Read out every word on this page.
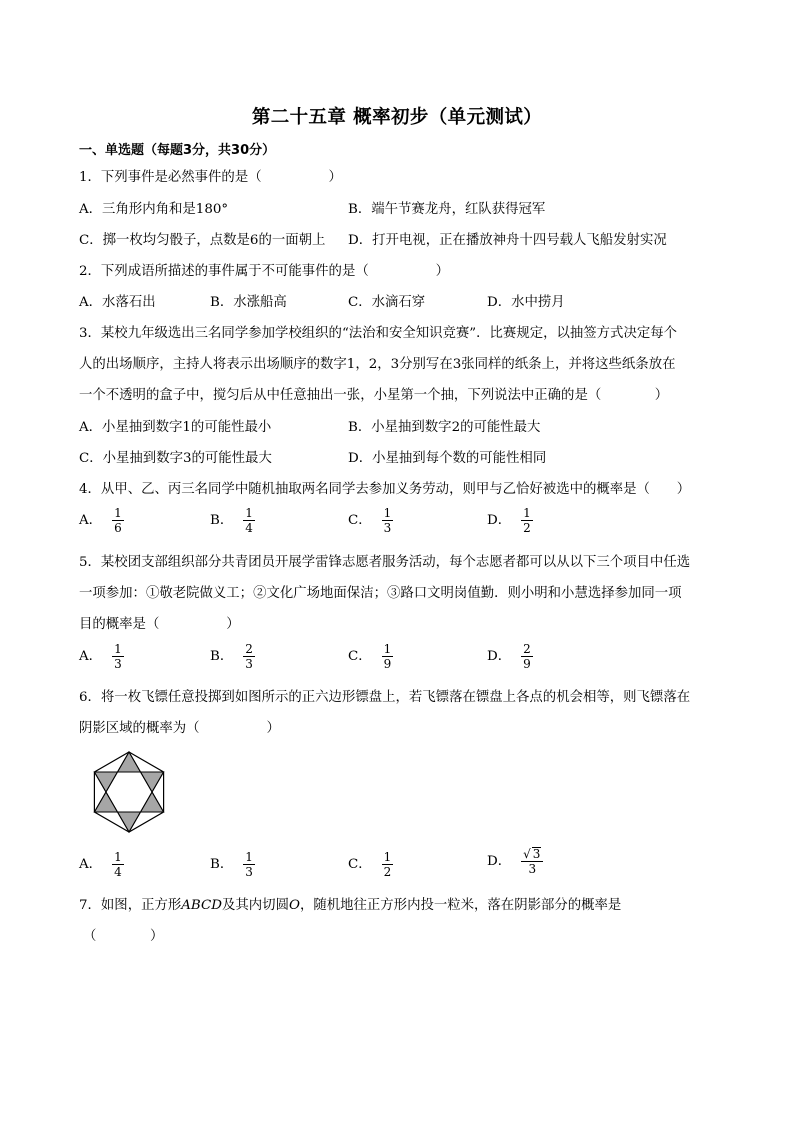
第二十五章 概率初步（单元测试）
一、单选题（每题3分，共30分）
1．下列事件是必然事件的是（　　　　　）
A．三角形内角和是180°	B．端午节赛龙舟，红队获得冠军
C．掷一枚均匀骰子，点数是6的一面朝上 D．打开电视，正在播放神舟十四号载人飞船发射实况
2．下列成语所描述的事件属于不可能事件的是（　　　　　）
A．水落石出	B．水涨船高	C．水滴石穿	D．水中捞月
3．某校九年级选出三名同学参加学校组织的“法治和安全知识竞赛”．比赛规定，以抽签方式决定每个
人的出场顺序，主持人将表示出场顺序的数字1，2，3分别写在3张同样的纸条上，并将这些纸条放在
一个不透明的盒子中，搅匀后从中任意抽出一张，小星第一个抽，下列说法中正确的是（　　　　）
A．小星抽到数字1的可能性最小	B．小星抽到数字2的可能性最大
C．小星抽到数字3的可能性最大	D．小星抽到每个数的可能性相同
4．从甲、乙、丙三名同学中随机抽取两名同学去参加义务劳动，则甲与乙恰好被选中的概率是（　　）
A． $\frac{1}{6}$	B． $\frac{1}{4}$	C． $\frac{1}{3}$	D． $\frac{1}{2}$
5．某校团支部组织部分共青团员开展学雷锋志愿者服务活动，每个志愿者都可以从以下三个项目中任选
一项参加：①敬老院做义工；②文化广场地面保洁；③路口文明岗值勤．则小明和小慧选择参加同一项
目的概率是（　　　　　）
A． $\frac{1}{3}$	B． $\frac{2}{3}$	C． $\frac{1}{9}$	D． $\frac{2}{9}$
6．将一枚飞镖任意投掷到如图所示的正六边形镖盘上，若飞镖落在镖盘上各点的机会相等，则飞镖落在
阴影区域的概率为（　　　　　）
A． $\frac{1}{4}$	B． $\frac{1}{3}$	C． $\frac{1}{2}$	D． $\frac{√ 3}{3}$
7．如图，正方形ABCD及其内切圆O，随机地往正方形内投一粒米，落在阴影部分的概率是
（　　　　）
